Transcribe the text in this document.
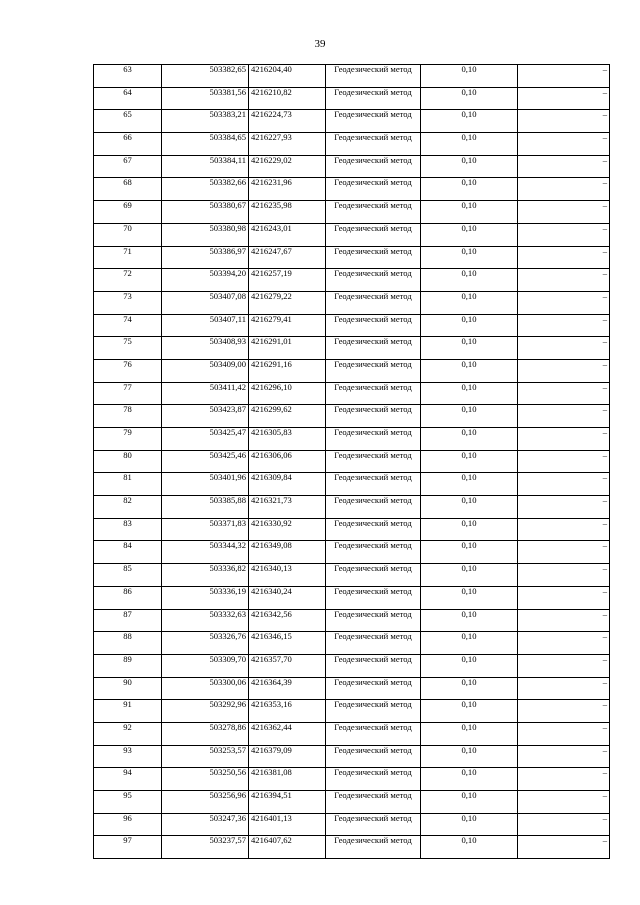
39
63	503382,65	4216204,40	Геодезический метод	0,10	–
64	503381,56	4216210,82	Геодезический метод	0,10	–
65	503383,21	4216224,73	Геодезический метод	0,10	–
66	503384,65	4216227,93	Геодезический метод	0,10	–
67	503384,11	4216229,02	Геодезический метод	0,10	–
68	503382,66	4216231,96	Геодезический метод	0,10	–
69	503380,67	4216235,98	Геодезический метод	0,10	–
70	503380,98	4216243,01	Геодезический метод	0,10	–
71	503386,97	4216247,67	Геодезический метод	0,10	–
72	503394,20	4216257,19	Геодезический метод	0,10	–
73	503407,08	4216279,22	Геодезический метод	0,10	–
74	503407,11	4216279,41	Геодезический метод	0,10	–
75	503408,93	4216291,01	Геодезический метод	0,10	–
76	503409,00	4216291,16	Геодезический метод	0,10	–
77	503411,42	4216296,10	Геодезический метод	0,10	–
78	503423,87	4216299,62	Геодезический метод	0,10	–
79	503425,47	4216305,83	Геодезический метод	0,10	–
80	503425,46	4216306,06	Геодезический метод	0,10	–
81	503401,96	4216309,84	Геодезический метод	0,10	–
82	503385,88	4216321,73	Геодезический метод	0,10	–
83	503371,83	4216330,92	Геодезический метод	0,10	–
84	503344,32	4216349,08	Геодезический метод	0,10	–
85	503336,82	4216340,13	Геодезический метод	0,10	–
86	503336,19	4216340,24	Геодезический метод	0,10	–
87	503332,63	4216342,56	Геодезический метод	0,10	–
88	503326,76	4216346,15	Геодезический метод	0,10	–
89	503309,70	4216357,70	Геодезический метод	0,10	–
90	503300,06	4216364,39	Геодезический метод	0,10	–
91	503292,96	4216353,16	Геодезический метод	0,10	–
92	503278,86	4216362,44	Геодезический метод	0,10	–
93	503253,57	4216379,09	Геодезический метод	0,10	–
94	503250,56	4216381,08	Геодезический метод	0,10	–
95	503256,96	4216394,51	Геодезический метод	0,10	–
96	503247,36	4216401,13	Геодезический метод	0,10	–
97	503237,57	4216407,62	Геодезический метод	0,10	–
